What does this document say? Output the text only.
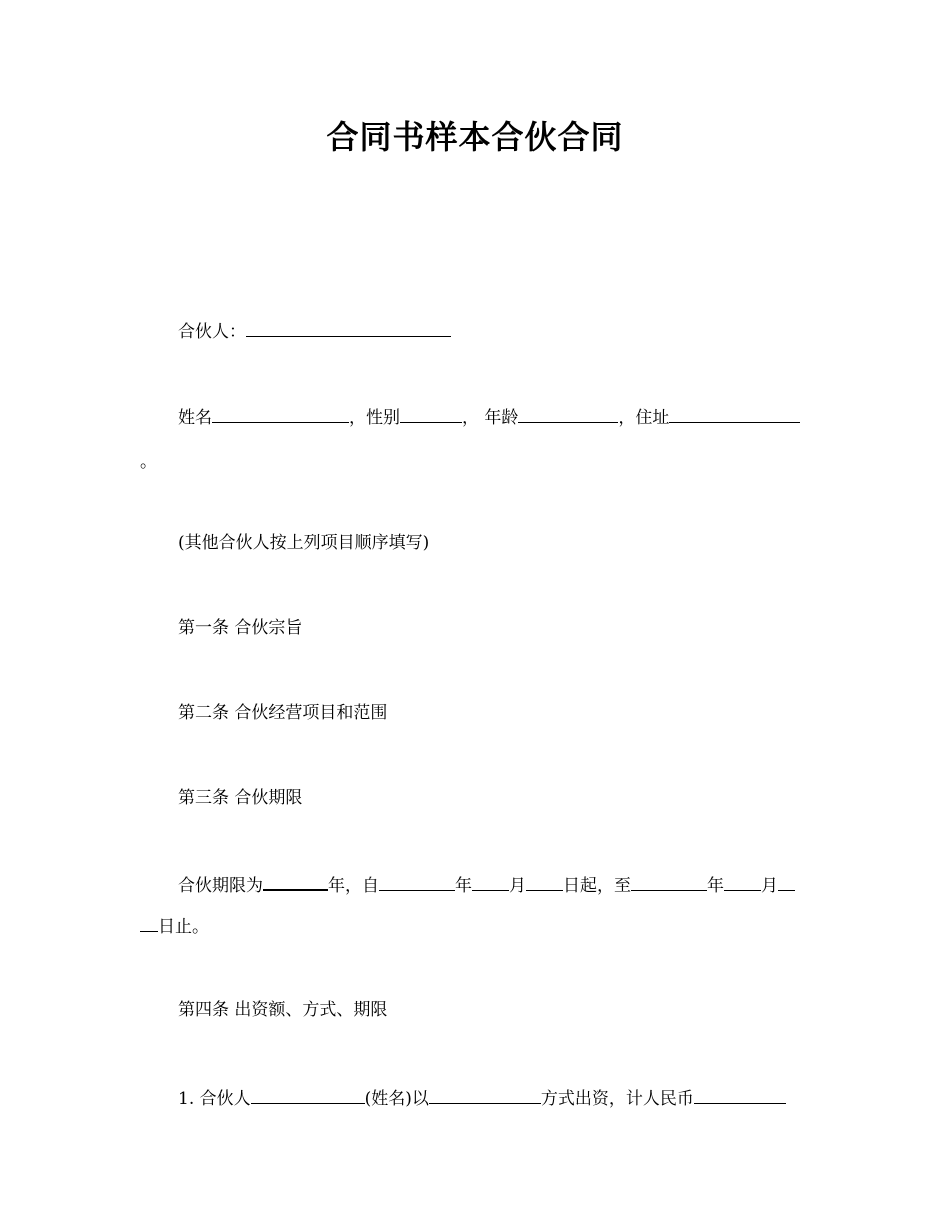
合同书样本合伙合同
合伙人：
姓名	，性别	， 年龄	，住址
。
(其他合伙人按上列项目顺序填写)
第一条 合伙宗旨
第二条 合伙经营项目和范围
第三条 合伙期限
合伙期限为	年，自	年 月 日起，至	年 月
日止。
第四条 出资额、方式、期限
1. 合伙人	(姓名)以	方式出资，计人民币
